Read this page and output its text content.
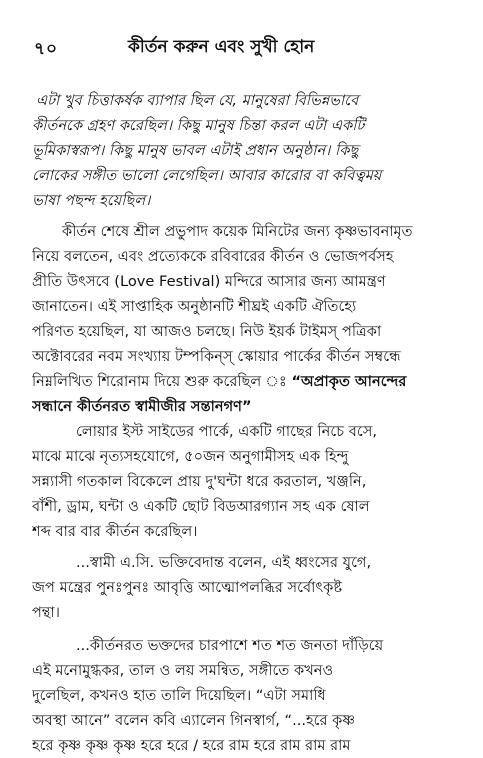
৭০	কীর্তন করুন এবং সুখী হোন
এটা খুব চিত্তাকর্ষক ব্যাপার ছিল যে, মানুষেরা বিভিন্নভাবে
কীর্তনকে গ্রহণ করেছিল। কিছু মানুষ চিন্তা করল এটা একটি
ভূমিকাস্বরূপ। কিছু মানুষ ভাবল এটাই প্রধান অনুষ্ঠান। কিছু
লোকের সঙ্গীত ভালো লেগেছিল। আবার কারোর বা কবিত্বময়
ভাষা পছন্দ হয়েছিল।
কীর্তন শেষে শ্রীল প্রভুপাদ কয়েক মিনিটের জন্য কৃষ্ণভাবনামৃত
নিয়ে বলতেন, এবং প্রত্যেককে রবিবারের কীর্তন ও ভোজপর্বসহ
প্রীতি উৎসবে (Love Festival) মন্দিরে আসার জন্য আমন্ত্রণ
জানাতেন। এই সাপ্তাহিক অনুষ্ঠানটি শীঘ্রই একটি ঐতিহ্যে
পরিণত হয়েছিল, যা আজও চলছে। নিউ ইয়র্ক টাইমস্ পত্রিকা
অক্টোবরের নবম সংখ্যায় টম্পকিন্স্ স্কোয়ার পার্কের কীর্তন সম্বন্ধে
নিম্নলিখিত শিরোনাম দিয়ে শুরু করেছিল ঃ “অপ্রাকৃত আনন্দের
সন্ধানে কীর্তনরত স্বামীজীর সন্তানগণ”
লোয়ার ইস্ট সাইডের পার্কে, একটি গাছের নিচে বসে,
মাঝে মাঝে নৃত্যসহযোগে, ৫০জন অনুগামীসহ এক হিন্দু
সন্ন্যাসী গতকাল বিকেলে প্রায় দু'ঘন্টা ধরে করতাল, খঞ্জনি,
বাঁশী, ড্রাম, ঘন্টা ও একটি ছোট বিডআরগ্যান সহ এক ষোল
শব্দ বার বার কীর্তন করেছিল।
...স্বামী এ.সি. ভক্তিবেদান্ত বলেন, এই ধ্বংসের যুগে,
জপ মন্ত্রের পুনঃপুনঃ আবৃত্তি আত্মোপলব্ধির সর্বোৎকৃষ্ট
পন্থা।
...কীর্তনরত ভক্তদের চারপাশে শত শত জনতা দাঁড়িয়ে
এই মনোমুগ্ধকর, তাল ও লয় সমন্বিত, সঙ্গীতে কখনও
দুলেছিল, কখনও হাত তালি দিয়েছিল। “এটা সমাধি
অবস্থা আনে” বলেন কবি এ্যালেন গিনস্বার্গ, “...হরে কৃষ্ণ
হরে কৃষ্ণ কৃষ্ণ কৃষ্ণ হরে হরে / হরে রাম হরে রাম রাম রাম
